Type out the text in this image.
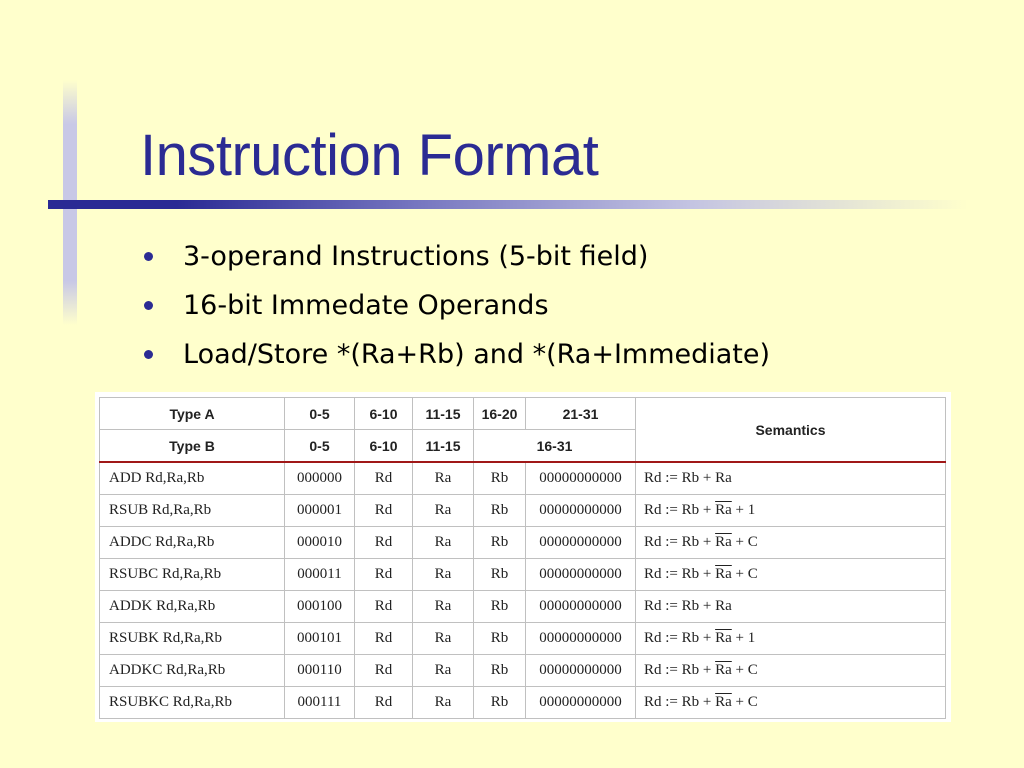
Instruction Format
3-operand Instructions (5-bit field)
16-bit Immedate Operands
Load/Store *(Ra+Rb) and *(Ra+Immediate)
Type A	0-5	6-10	11-15	16-20	21-31	Semantics
Type B	0-5	6-10	11-15	16-31		
ADD Rd,Ra,Rb	000000	Rd	Ra	Rb	00000000000	Rd := Rb + Ra
RSUB Rd,Ra,Rb	000001	Rd	Ra	Rb	00000000000	Rd := $Rb + \overline{Ra} + 1$
ADDC Rd,Ra,Rb	000010	Rd	Ra	Rb	00000000000	Rd := $Rb + \overline{Ra} + C$
RSUBC Rd,Ra,Rb	000011	Rd	Ra	Rb	00000000000	Rd := $Rb + \overline{Ra} + C$
ADDK Rd,Ra,Rb	000100	Rd	Ra	Rb	00000000000	Rd := Rb + Ra
RSUBK Rd,Ra,Rb	000101	Rd	Ra	Rb	00000000000	Rd := $Rb + \overline{Ra} + 1$
ADDKC Rd,Ra,Rb	000110	Rd	Ra	Rb	00000000000	Rd := $Rb + \overline{Ra} + C$
RSUBKC Rd,Ra,Rb	000111	Rd	Ra	Rb	00000000000	Rd := $Rb + \overline{Ra} + C$
